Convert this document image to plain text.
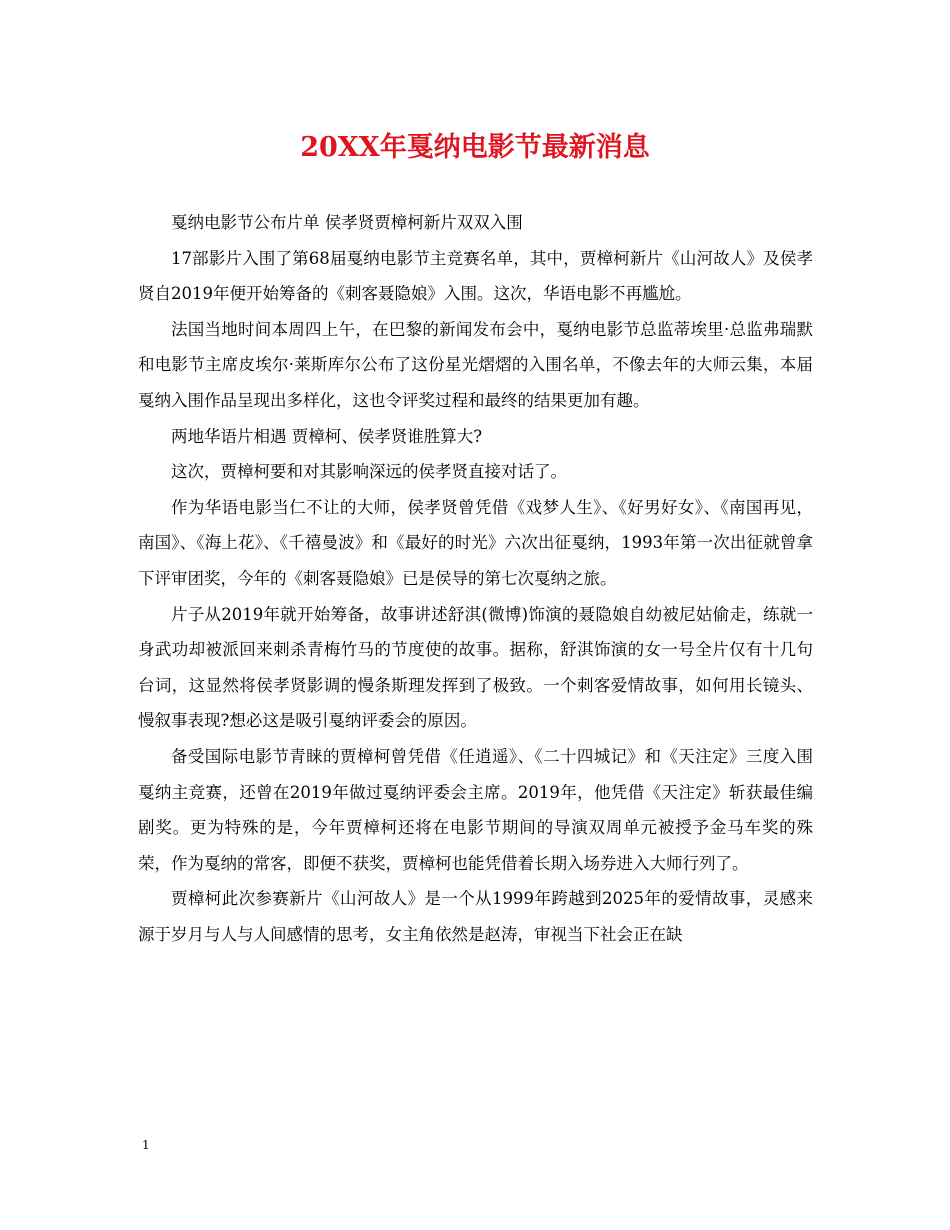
20XX年戛纳电影节最新消息

戛纳电影节公布片单 侯孝贤贾樟柯新片双双入围

17部影片入围了第68届戛纳电影节主竞赛名单，其中，贾樟柯新片《山河故人》及侯孝贤自2019年便开始筹备的《刺客聂隐娘》入围。这次，华语电影不再尴尬。

法国当地时间本周四上午，在巴黎的新闻发布会中，戛纳电影节总监蒂埃里·总监弗瑞默和电影节主席皮埃尔·莱斯库尔公布了这份星光熠熠的入围名单，不像去年的大师云集，本届戛纳入围作品呈现出多样化，这也令评奖过程和最终的结果更加有趣。

两地华语片相遇 贾樟柯、侯孝贤谁胜算大?

这次，贾樟柯要和对其影响深远的侯孝贤直接对话了。

作为华语电影当仁不让的大师，侯孝贤曾凭借《戏梦人生》、《好男好女》、《南国再见，南国》、《海上花》、《千禧曼波》和《最好的时光》六次出征戛纳，1993年第一次出征就曾拿下评审团奖，今年的《刺客聂隐娘》已是侯导的第七次戛纳之旅。

片子从2019年就开始筹备，故事讲述舒淇(微博)饰演的聂隐娘自幼被尼姑偷走，练就一身武功却被派回来刺杀青梅竹马的节度使的故事。据称，舒淇饰演的女一号全片仅有十几句台词，这显然将侯孝贤影调的慢条斯理发挥到了极致。一个刺客爱情故事，如何用长镜头、慢叙事表现?想必这是吸引戛纳评委会的原因。

备受国际电影节青睐的贾樟柯曾凭借《任逍遥》、《二十四城记》和《天注定》三度入围戛纳主竞赛，还曾在2019年做过戛纳评委会主席。2019年，他凭借《天注定》斩获最佳编剧奖。更为特殊的是，今年贾樟柯还将在电影节期间的导演双周单元被授予金马车奖的殊荣，作为戛纳的常客，即便不获奖，贾樟柯也能凭借着长期入场券进入大师行列了。

贾樟柯此次参赛新片《山河故人》是一个从1999年跨越到2025年的爱情故事，灵感来源于岁月与人与人间感情的思考，女主角依然是赵涛，审视当下社会正在缺

1
